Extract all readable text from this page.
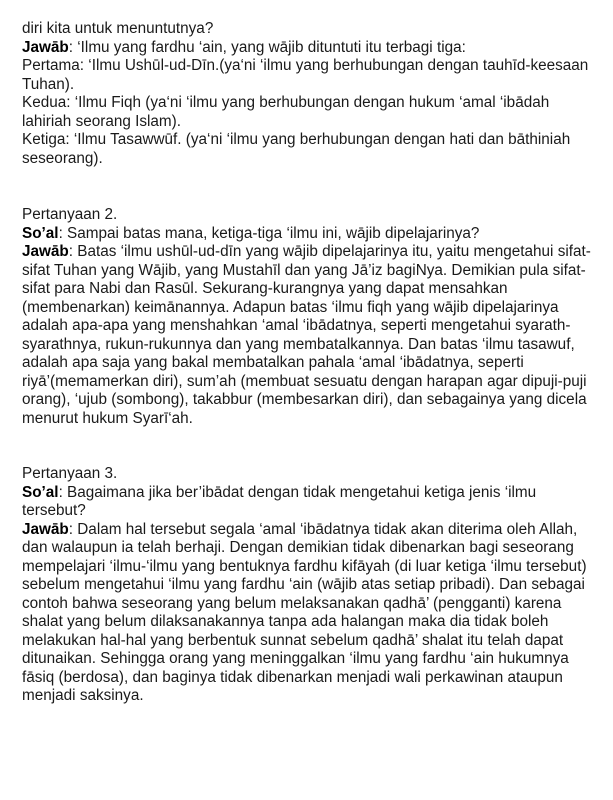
diri kita untuk menuntutnya?

Jawāb: ‘Ilmu yang fardhu ‘ain, yang wājib dituntuti itu terbagi tiga:

Pertama: ‘Ilmu Ushūl-ud-Dīn.(ya‘ni ‘ilmu yang berhubungan dengan tauhīd-keesaan Tuhan).

Kedua: ‘Ilmu Fiqh (ya‘ni ‘ilmu yang berhubungan dengan hukum ‘amal ‘ibādah lahiriah seorang Islam).

Ketiga: ‘Ilmu Tasawwūf. (ya‘ni ‘ilmu yang berhubungan dengan hati dan bāthiniah seseorang).

Pertanyaan 2.

So’al: Sampai batas mana, ketiga-tiga ‘ilmu ini, wājib dipelajarinya?

Jawāb: Batas ‘ilmu ushūl-ud-dīn yang wājib dipelajarinya itu, yaitu mengetahui sifat-sifat Tuhan yang Wājib, yang Mustahīl dan yang Jā’iz bagiNya. Demikian pula sifat-sifat para Nabi dan Rasūl. Sekurang-kurangnya yang dapat mensahkan (membenarkan) keimānannya. Adapun batas ‘ilmu fiqh yang wājib dipelajarinya adalah apa-apa yang menshahkan ‘amal ‘ibādatnya, seperti mengetahui syarath-syarathnya, rukun-rukunnya dan yang membatalkannya. Dan batas ‘ilmu tasawuf, adalah apa saja yang bakal membatalkan pahala ‘amal ‘ibādatnya, seperti riyā’(memamerkan diri), sum’ah (membuat sesuatu dengan harapan agar dipuji-puji orang), ‘ujub (sombong), takabbur (membesarkan diri), dan sebagainya yang dicela menurut hukum Syarī‘ah.

Pertanyaan 3.

So’al: Bagaimana jika ber’ibādat dengan tidak mengetahui ketiga jenis ‘ilmu tersebut?

Jawāb: Dalam hal tersebut segala ‘amal ‘ibādatnya tidak akan diterima oleh Allah, dan walaupun ia telah berhaji. Dengan demikian tidak dibenarkan bagi seseorang mempelajari ‘ilmu-‘ilmu yang bentuknya fardhu kifāyah (di luar ketiga ‘ilmu tersebut) sebelum mengetahui ‘ilmu yang fardhu ‘ain (wājib atas setiap pribadi). Dan sebagai contoh bahwa seseorang yang belum melaksanakan qadhā’ (pengganti) karena shalat yang belum dilaksanakannya tanpa ada halangan maka dia tidak boleh melakukan hal-hal yang berbentuk sunnat sebelum qadhā’ shalat itu telah dapat ditunaikan. Sehingga orang yang meninggalkan ‘ilmu yang fardhu ‘ain hukumnya fāsiq (berdosa), dan baginya tidak dibenarkan menjadi wali perkawinan ataupun menjadi saksinya.
